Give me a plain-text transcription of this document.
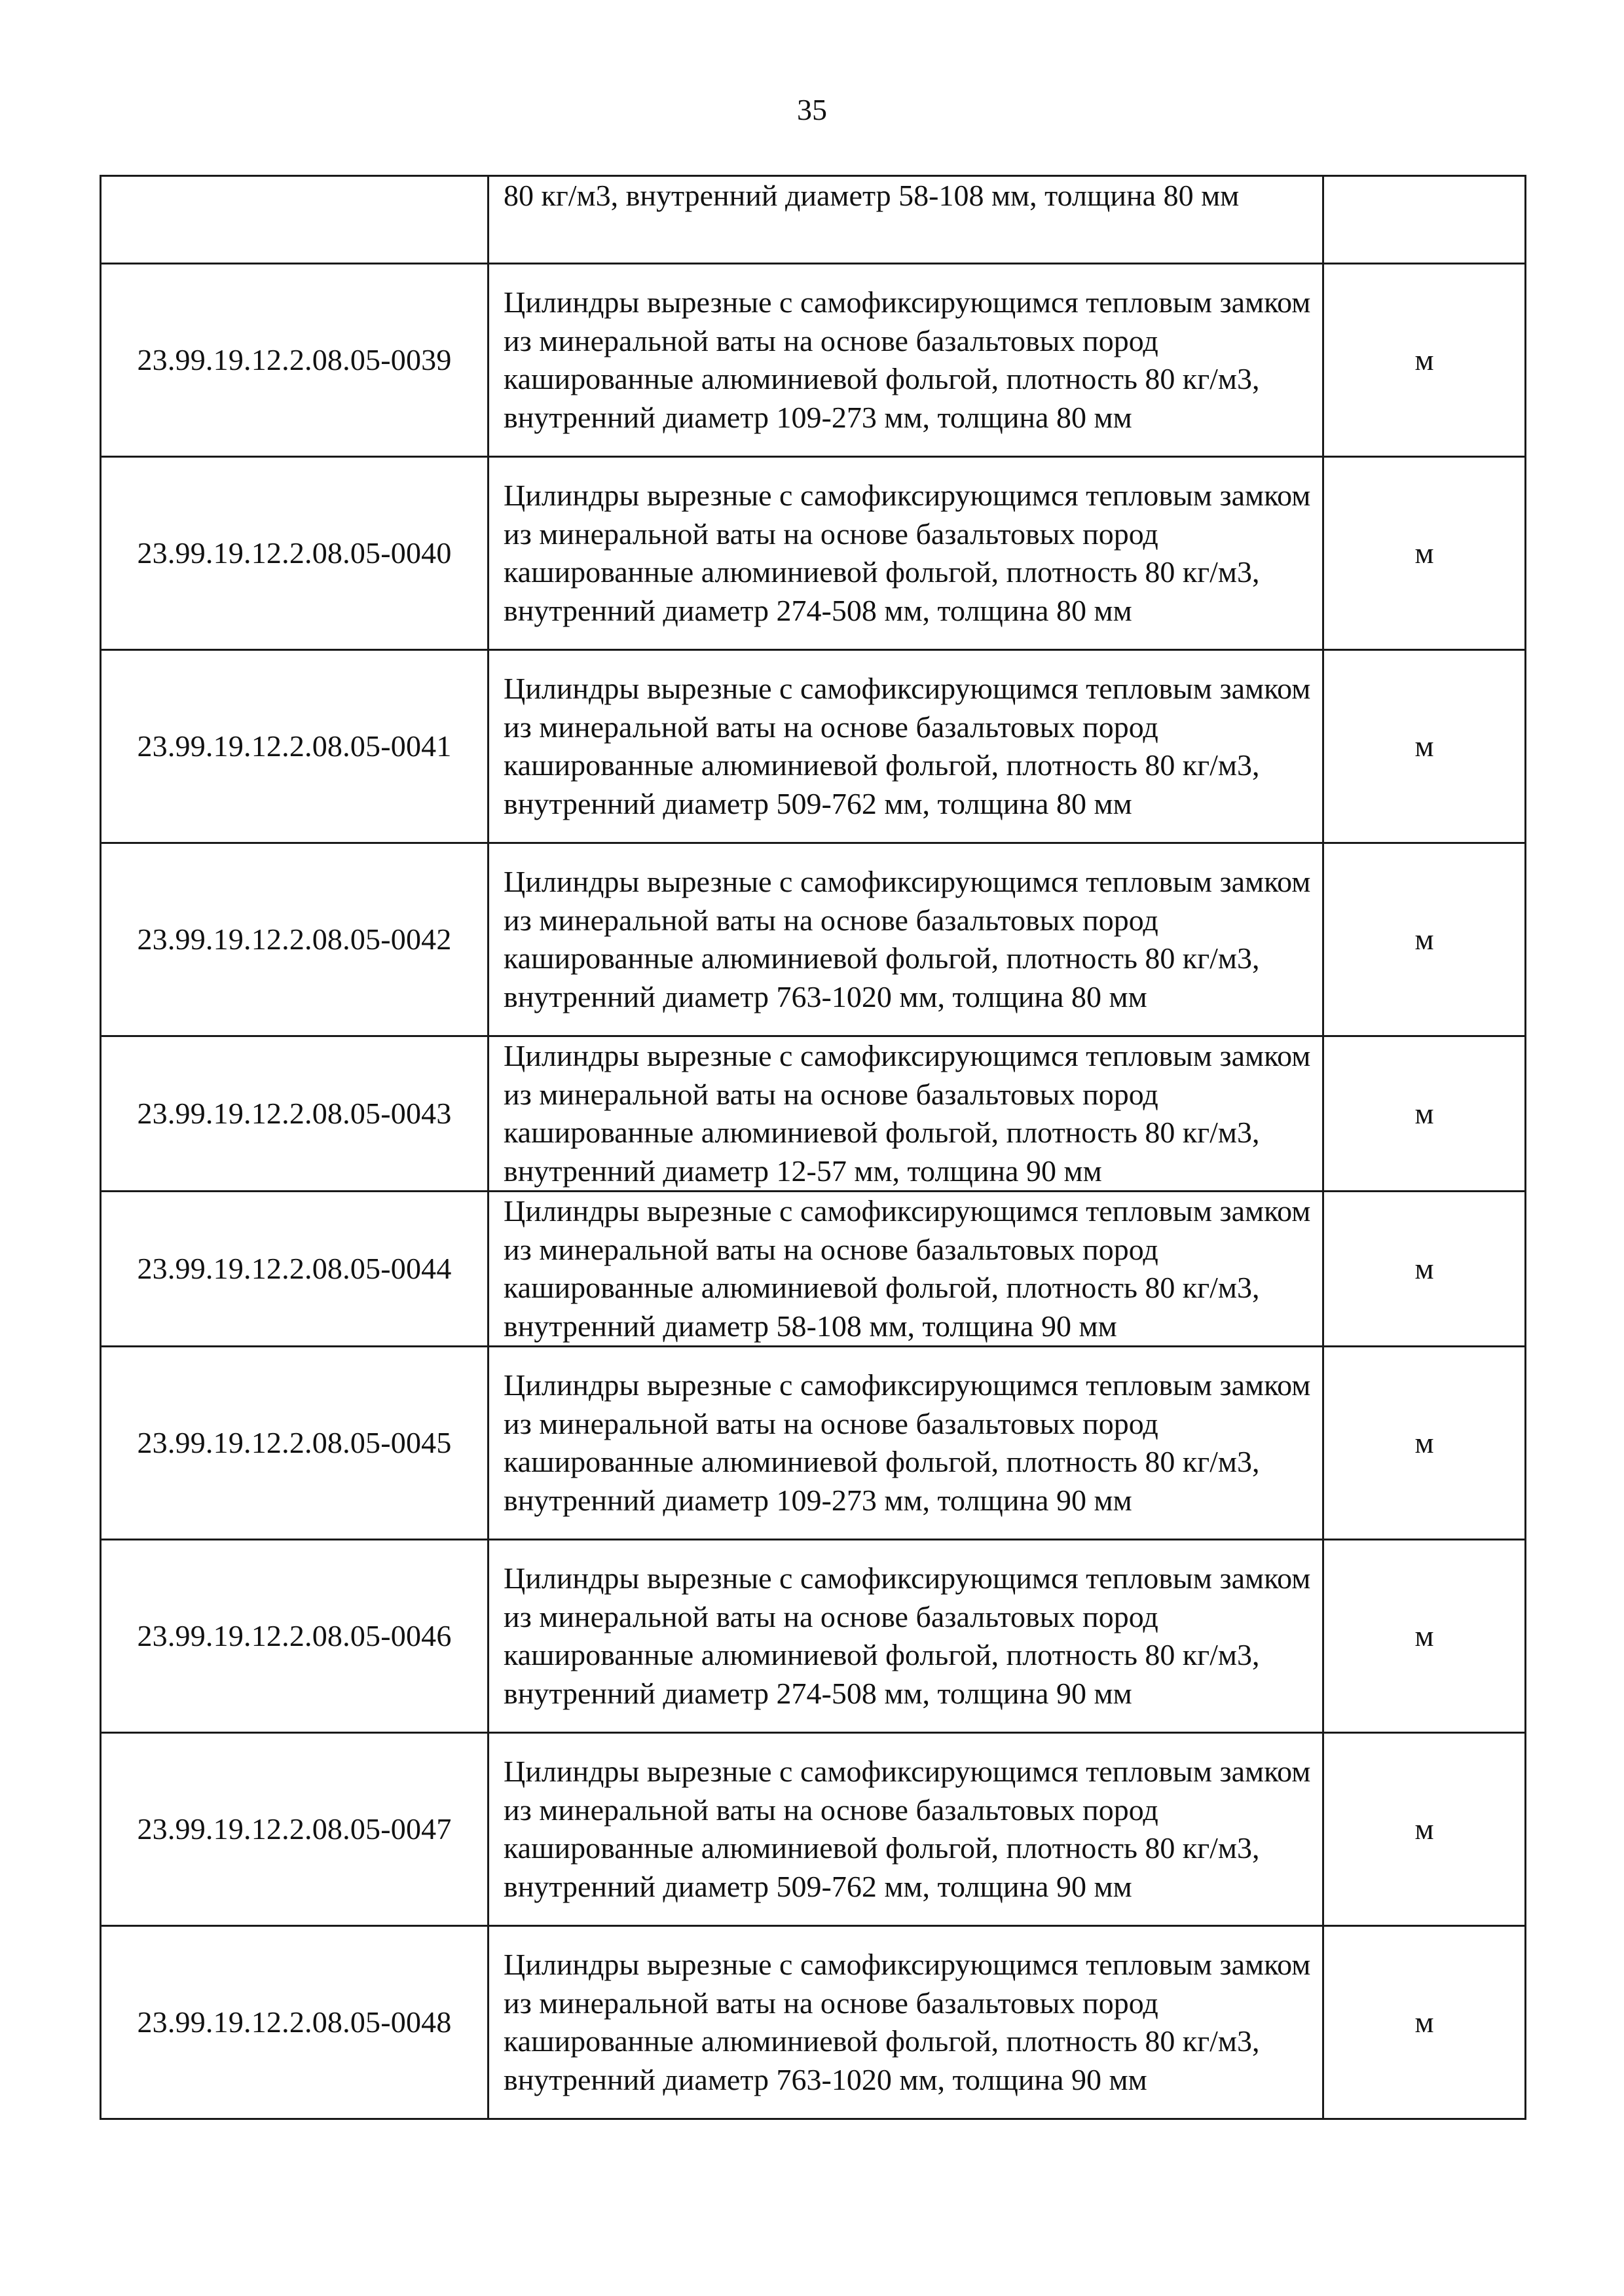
35
	80 кг/м3, внутренний диаметр 58-108 мм, толщина 80 мм	
23.99.19.12.2.08.05-0039	Цилиндры вырезные с самофиксирующимся тепловым замком из минеральной ваты на основе базальтовых пород кашированные алюминиевой фольгой, плотность 80 кг/м3, внутренний диаметр 109-273 мм, толщина 80 мм	м
23.99.19.12.2.08.05-0040	Цилиндры вырезные с самофиксирующимся тепловым замком из минеральной ваты на основе базальтовых пород кашированные алюминиевой фольгой, плотность 80 кг/м3, внутренний диаметр 274-508 мм, толщина 80 мм	м
23.99.19.12.2.08.05-0041	Цилиндры вырезные с самофиксирующимся тепловым замком из минеральной ваты на основе базальтовых пород кашированные алюминиевой фольгой, плотность 80 кг/м3, внутренний диаметр 509-762 мм, толщина 80 мм	м
23.99.19.12.2.08.05-0042	Цилиндры вырезные с самофиксирующимся тепловым замком из минеральной ваты на основе базальтовых пород кашированные алюминиевой фольгой, плотность 80 кг/м3, внутренний диаметр 763-1020 мм, толщина 80 мм	м
23.99.19.12.2.08.05-0043	Цилиндры вырезные с самофиксирующимся тепловым замком из минеральной ваты на основе базальтовых пород кашированные алюминиевой фольгой, плотность 80 кг/м3, внутренний диаметр 12-57 мм, толщина 90 мм	м
23.99.19.12.2.08.05-0044	Цилиндры вырезные с самофиксирующимся тепловым замком из минеральной ваты на основе базальтовых пород кашированные алюминиевой фольгой, плотность 80 кг/м3, внутренний диаметр 58-108 мм, толщина 90 мм	м
23.99.19.12.2.08.05-0045	Цилиндры вырезные с самофиксирующимся тепловым замком из минеральной ваты на основе базальтовых пород кашированные алюминиевой фольгой, плотность 80 кг/м3, внутренний диаметр 109-273 мм, толщина 90 мм	м
23.99.19.12.2.08.05-0046	Цилиндры вырезные с самофиксирующимся тепловым замком из минеральной ваты на основе базальтовых пород кашированные алюминиевой фольгой, плотность 80 кг/м3, внутренний диаметр 274-508 мм, толщина 90 мм	м
23.99.19.12.2.08.05-0047	Цилиндры вырезные с самофиксирующимся тепловым замком из минеральной ваты на основе базальтовых пород кашированные алюминиевой фольгой, плотность 80 кг/м3, внутренний диаметр 509-762 мм, толщина 90 мм	м
23.99.19.12.2.08.05-0048	Цилиндры вырезные с самофиксирующимся тепловым замком из минеральной ваты на основе базальтовых пород кашированные алюминиевой фольгой, плотность 80 кг/м3, внутренний диаметр 763-1020 мм, толщина 90 мм	м
